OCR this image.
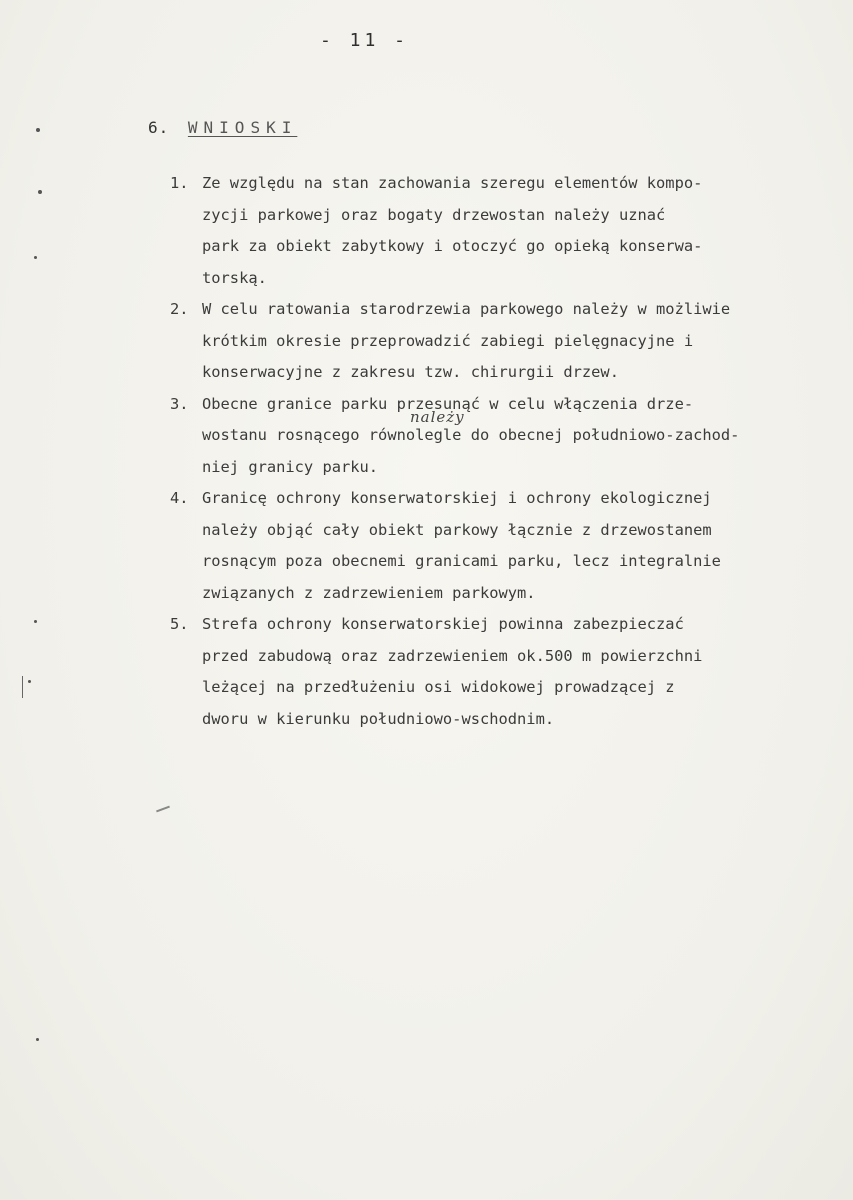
- 11 -
6. WNIOSKI
należy
1. Ze względu na stan zachowania szeregu elementów kompo-
zycji parkowej oraz bogaty drzewostan należy uznać
park za obiekt zabytkowy i otoczyć go opieką konserwa-
torską.
2. W celu ratowania starodrzewia parkowego należy w możliwie
krótkim okresie przeprowadzić zabiegi pielęgnacyjne i
konserwacyjne z zakresu tzw. chirurgii drzew.
3. Obecne granice parku przesunąć w celu włączenia drze-
wostanu rosnącego równolegle do obecnej południowo-zachod-
niej granicy parku.
4. Granicę ochrony konserwatorskiej i ochrony ekologicznej
należy objąć cały obiekt parkowy łącznie z drzewostanem
rosnącym poza obecnemi granicami parku, lecz integralnie
związanych z zadrzewieniem parkowym.
5. Strefa ochrony konserwatorskiej powinna zabezpieczać
przed zabudową oraz zadrzewieniem ok.500 m powierzchni
leżącej na przedłużeniu osi widokowej prowadzącej z
dworu w kierunku południowo-wschodnim.
